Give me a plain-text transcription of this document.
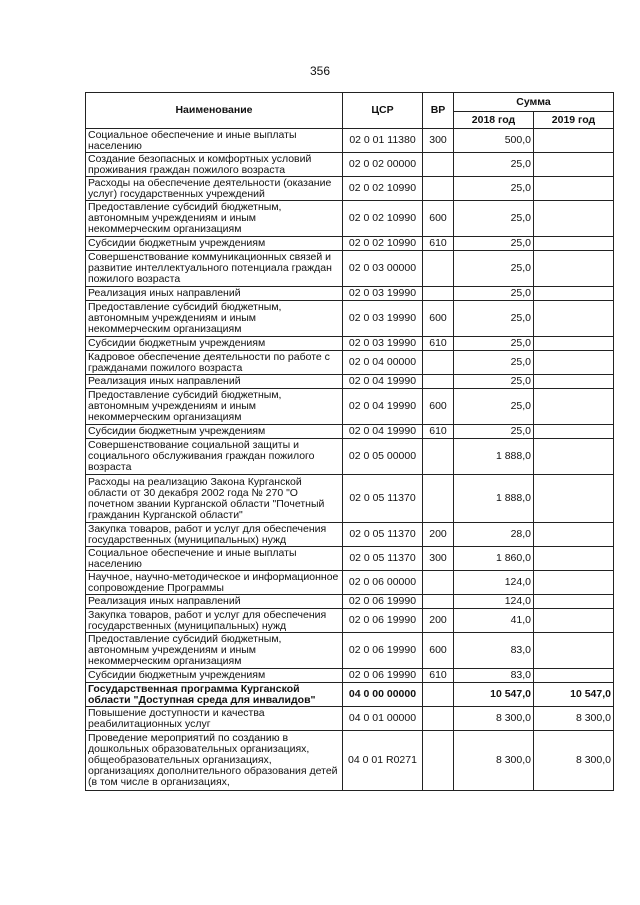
356
Наименование	ЦСР	ВР	Сумма	
			2018 год	2019 год
Социальное обеспечение и иные выплаты населению	02 0 01 11380	300	500,0	
Создание безопасных и комфортных условий проживания граждан пожилого возраста	02 0 02 00000		25,0	
Расходы на обеспечение деятельности (оказание услуг) государственных учреждений	02 0 02 10990		25,0	
Предоставление субсидий бюджетным, автономным учреждениям и иным некоммерческим организациям	02 0 02 10990	600	25,0	
Субсидии бюджетным учреждениям	02 0 02 10990	610	25,0	
Совершенствование коммуникационных связей и развитие интеллектуального потенциала граждан пожилого возраста	02 0 03 00000		25,0	
Реализация иных направлений	02 0 03 19990		25,0	
Предоставление субсидий бюджетным, автономным учреждениям и иным некоммерческим организациям	02 0 03 19990	600	25,0	
Субсидии бюджетным учреждениям	02 0 03 19990	610	25,0	
Кадровое обеспечение деятельности по работе с гражданами пожилого возраста	02 0 04 00000		25,0	
Реализация иных направлений	02 0 04 19990		25,0	
Предоставление субсидий бюджетным, автономным учреждениям и иным некоммерческим организациям	02 0 04 19990	600	25,0	
Субсидии бюджетным учреждениям	02 0 04 19990	610	25,0	
Совершенствование социальной защиты и социального обслуживания граждан пожилого возраста	02 0 05 00000		1 888,0	
Расходы на реализацию Закона Курганской области от 30 декабря 2002 года № 270 "О почетном звании Курганской области "Почетный гражданин Курганской области"	02 0 05 11370		1 888,0	
Закупка товаров, работ и услуг для обеспечения государственных (муниципальных) нужд	02 0 05 11370	200	28,0	
Социальное обеспечение и иные выплаты населению	02 0 05 11370	300	1 860,0	
Научное, научно-методическое и информационное сопровождение Программы	02 0 06 00000		124,0	
Реализация иных направлений	02 0 06 19990		124,0	
Закупка товаров, работ и услуг для обеспечения государственных (муниципальных) нужд	02 0 06 19990	200	41,0	
Предоставление субсидий бюджетным, автономным учреждениям и иным некоммерческим организациям	02 0 06 19990	600	83,0	
Субсидии бюджетным учреждениям	02 0 06 19990	610	83,0	
Государственная программа Курганской области "Доступная среда для инвалидов"	04 0 00 00000		10 547,0	10 547,0
Повышение доступности и качества реабилитационных услуг	04 0 01 00000		8 300,0	8 300,0
Проведение мероприятий по созданию в дошкольных образовательных организациях, общеобразовательных организациях, организациях дополнительного образования детей (в том числе в организациях,	04 0 01 R0271		8 300,0	8 300,0
